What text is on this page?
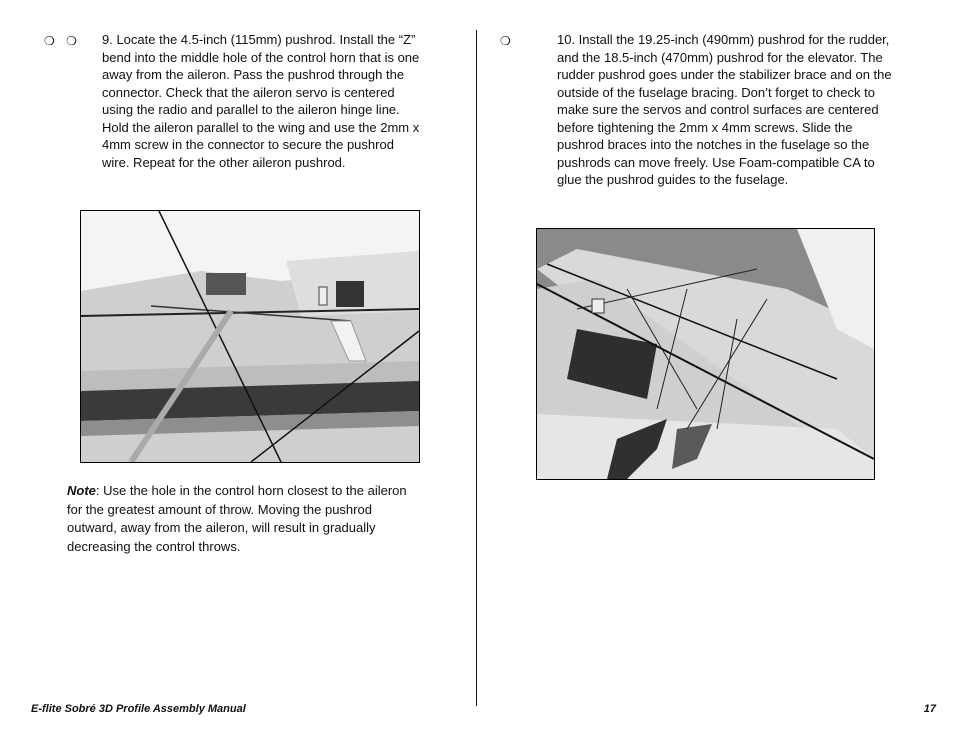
❍ ❍ 9. Locate the 4.5-inch (115mm) pushrod. Install the “Z” bend into the middle hole of the control horn that is one away from the aileron. Pass the pushrod through the connector. Check that the aileron servo is centered using the radio and parallel to the aileron hinge line. Hold the aileron parallel to the wing and use the 2mm x 4mm screw in the connector to secure the pushrod wire. Repeat for the other aileron pushrod.

Note: Use the hole in the control horn closest to the aileron for the greatest amount of throw. Moving the pushrod outward, away from the aileron, will result in gradually decreasing the control throws.

❍	10. Install the 19.25-inch (490mm) pushrod for the rudder, and the 18.5-inch (470mm) pushrod for the elevator. The rudder pushrod goes under the stabilizer brace and on the outside of the fuselage bracing. Don’t forget to check to make sure the servos and control surfaces are centered before tightening the 2mm x 4mm screws. Slide the pushrod braces into the notches in the fuselage so the pushrods can move freely. Use Foam-compatible CA to glue the pushrod guides to the fuselage.

E-flite Sobré 3D Profile Assembly Manual	17
